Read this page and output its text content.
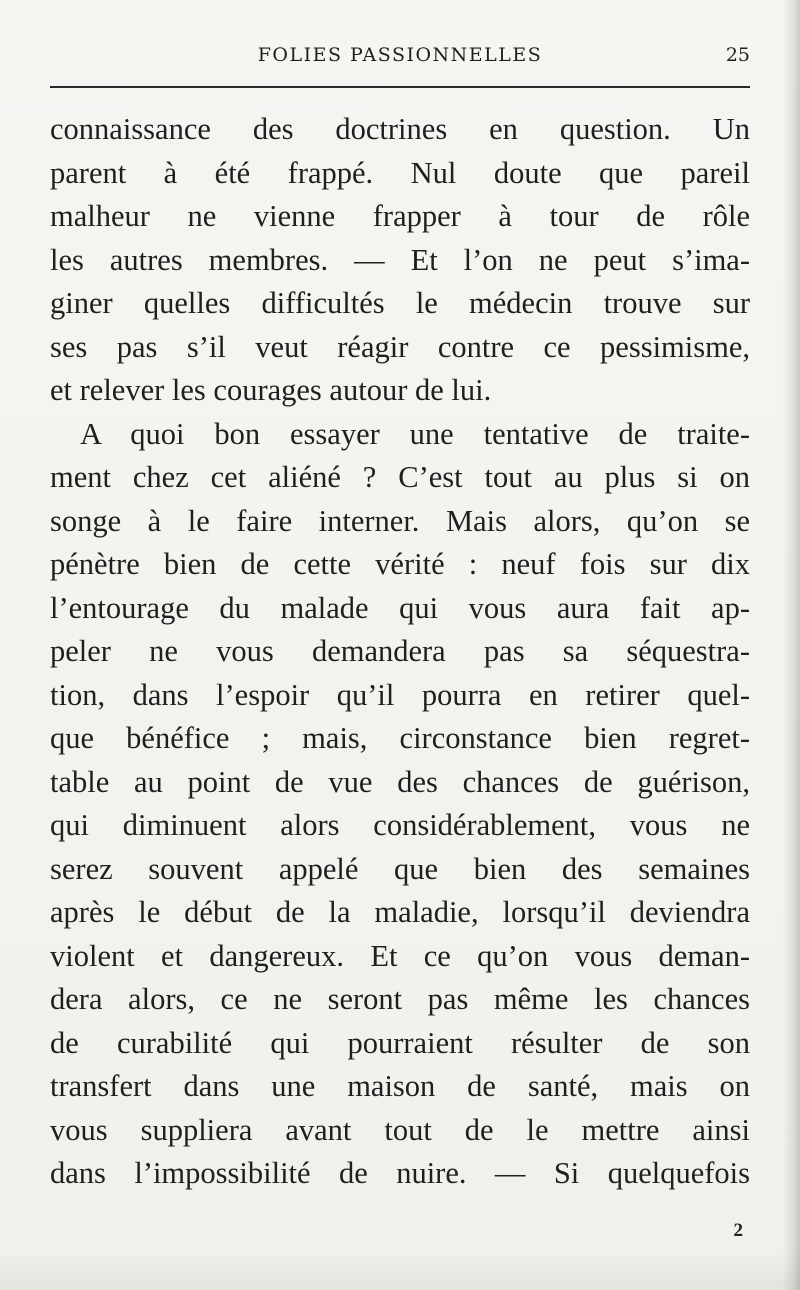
FOLIES PASSIONNELLES	25
connaissance des doctrines en question. Un
parent à été frappé. Nul doute que pareil
malheur ne vienne frapper à tour de rôle
les autres membres. — Et l’on ne peut s’ima-
giner quelles difficultés le médecin trouve sur
ses pas s’il veut réagir contre ce pessimisme,
et relever les courages autour de lui.
A quoi bon essayer une tentative de traite-
ment chez cet aliéné ? C’est tout au plus si on
songe à le faire interner. Mais alors, qu’on se
pénètre bien de cette vérité : neuf fois sur dix
l’entourage du malade qui vous aura fait ap-
peler ne vous demandera pas sa séquestra-
tion, dans l’espoir qu’il pourra en retirer quel-
que bénéfice ; mais, circonstance bien regret-
table au point de vue des chances de guérison,
qui diminuent alors considérablement, vous ne
serez souvent appelé que bien des semaines
après le début de la maladie, lorsqu’il deviendra
violent et dangereux. Et ce qu’on vous deman-
dera alors, ce ne seront pas même les chances
de curabilité qui pourraient résulter de son
transfert dans une maison de santé, mais on
vous suppliera avant tout de le mettre ainsi
dans l’impossibilité de nuire. — Si quelquefois
2
